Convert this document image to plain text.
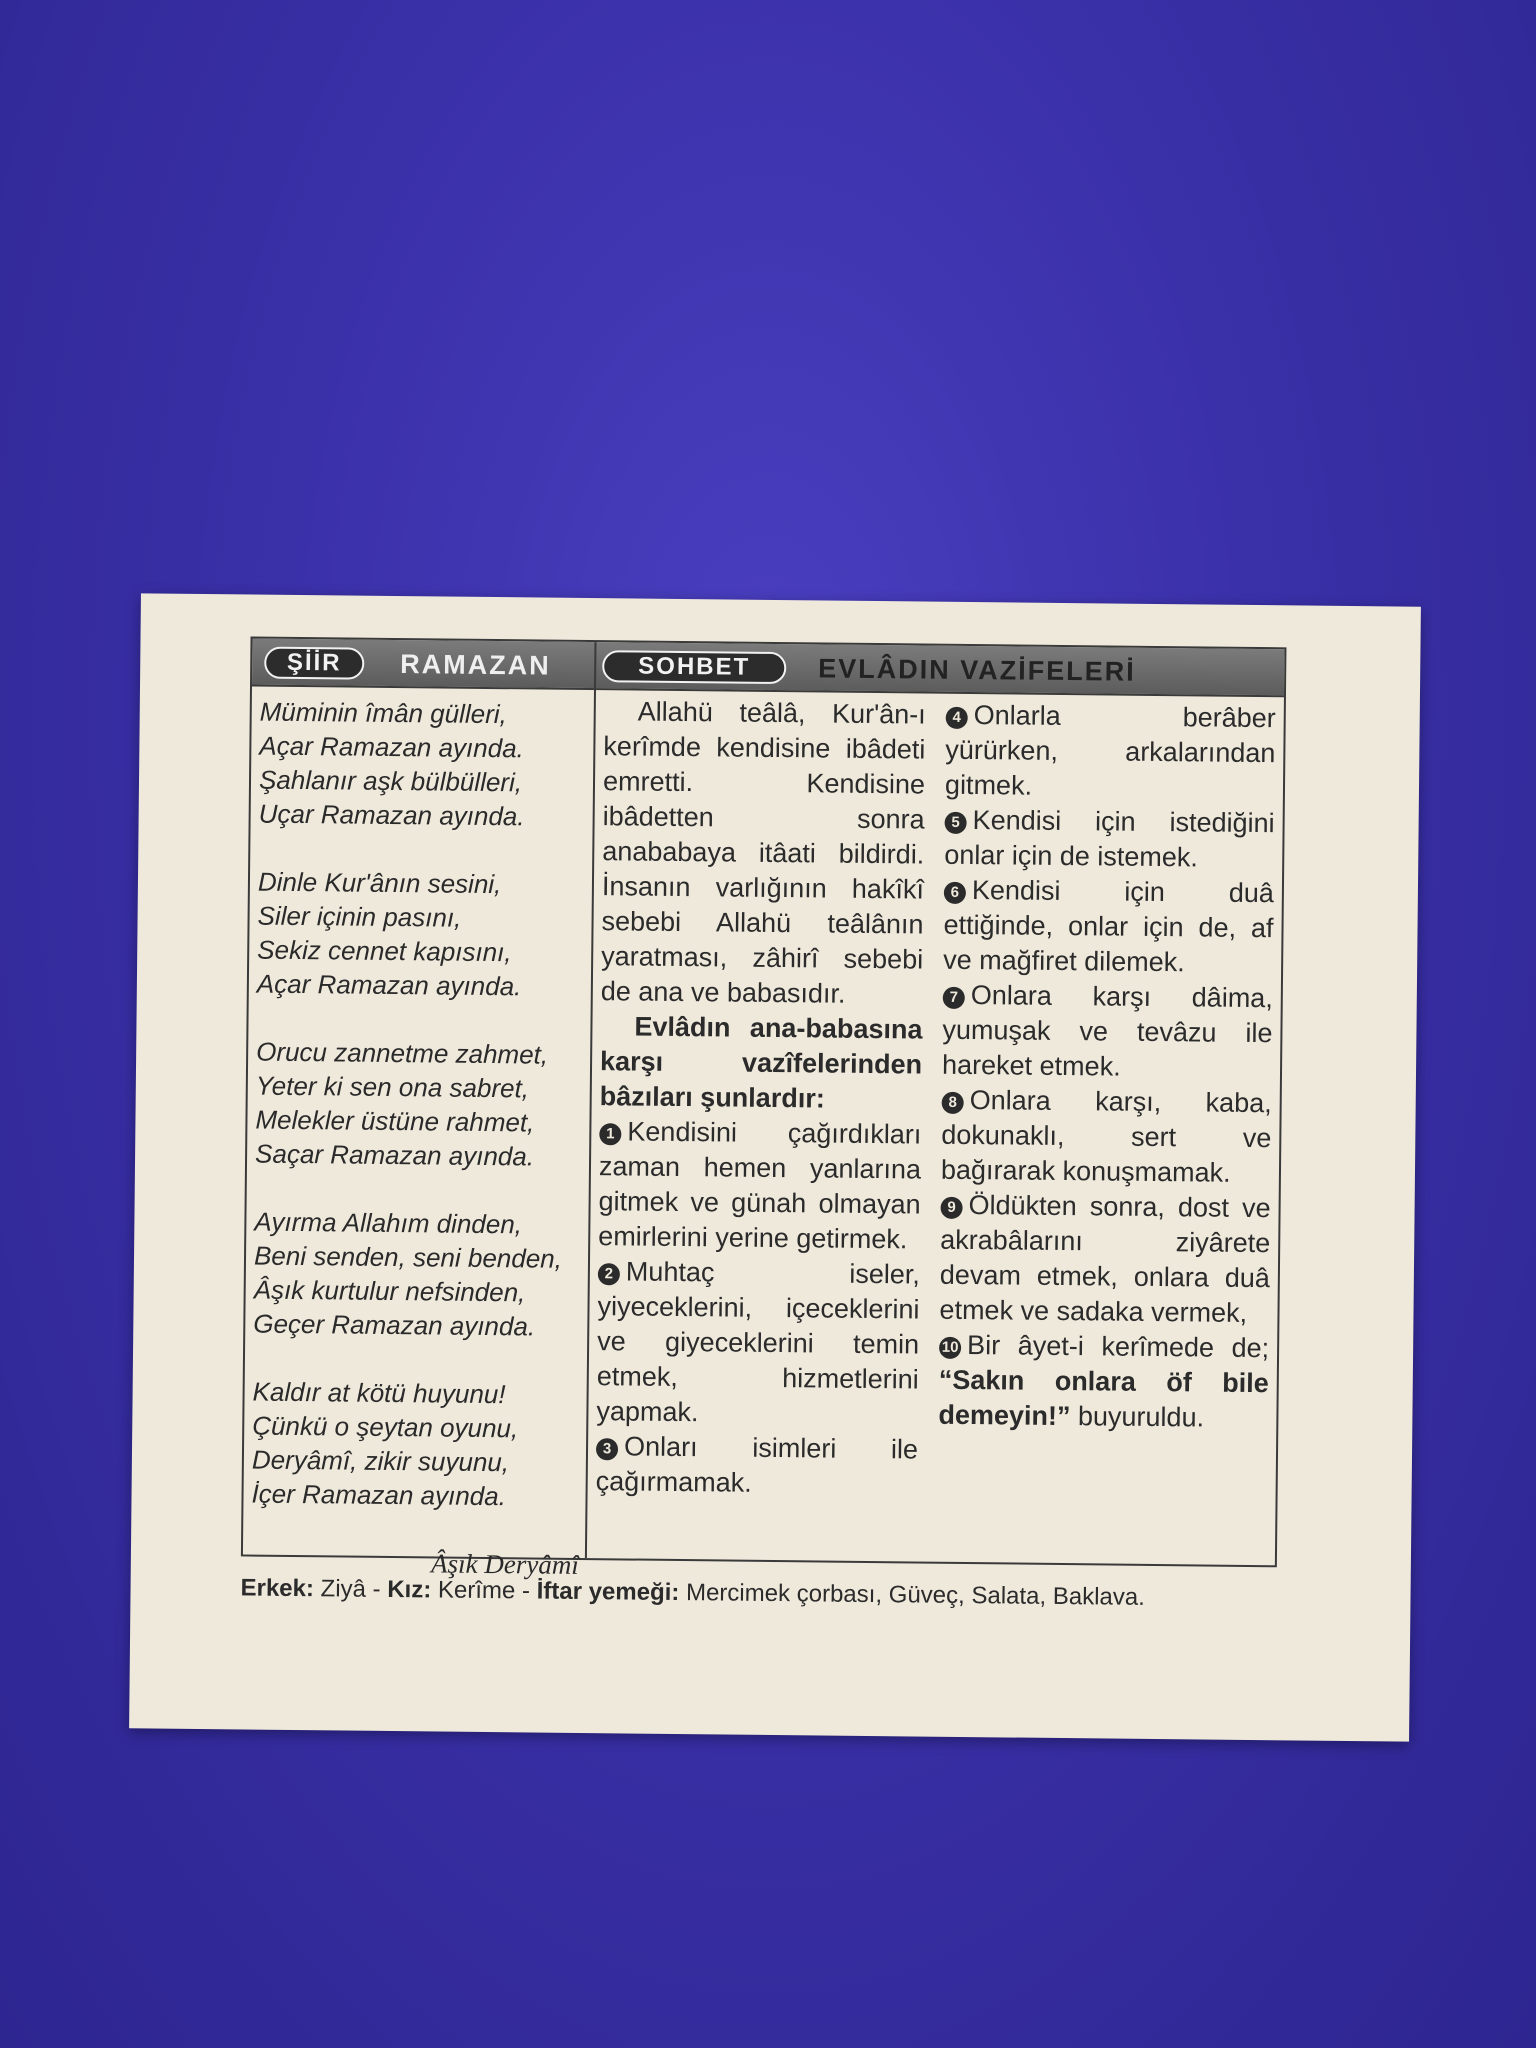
ŞİİR	RAMAZAN	SOHBET	EVLÂDIN VAZİFELERİ
Müminin îmân gülleri,
Açar Ramazan ayında.
Şahlanır aşk bülbülleri,
Uçar Ramazan ayında.
Dinle Kur'ânın sesini,
Siler içinin pasını,
Sekiz cennet kapısını,
Açar Ramazan ayında.
Orucu zannetme zahmet,
Yeter ki sen ona sabret,
Melekler üstüne rahmet,
Saçar Ramazan ayında.
Ayırma Allahım dinden,
Beni senden, seni benden,
Âşık kurtulur nefsinden,
Geçer Ramazan ayında.
Kaldır at kötü huyunu!
Çünkü o şeytan oyunu,
Deryâmî, zikir suyunu,
İçer Ramazan ayında.
Âşık Deryâmî

Allahü teâlâ, Kur'ân-ı kerîmde kendisine ibâdeti emretti. Kendisine ibâdetten sonra anababaya itâati bildirdi. İnsanın varlığının hakîkî sebebi Allahü teâlânın yaratması, zâhirî sebebi de ana ve babasıdır.

Evlâdın ana-babasına karşı vazîfelerinden bâzıları şunlardır:

1 Kendisini çağırdıkları zaman hemen yanlarına gitmek ve günah olmayan emirlerini yerine getirmek.

2 Muhtaç iseler, yiyeceklerini, içeceklerini ve giyeceklerini temin etmek, hizmetlerini yapmak.

3 Onları isimleri ile çağırmamak.

4 Onlarla berâber yürürken, arkalarından gitmek.

5 Kendisi için istediğini onlar için de istemek.

6 Kendisi için duâ ettiğinde, onlar için de, af ve mağfiret dilemek.

7 Onlara karşı dâima, yumuşak ve tevâzu ile hareket etmek.

8 Onlara karşı, kaba, dokunaklı, sert ve bağırarak konuşmamak.

9 Öldükten sonra, dost ve akrabâlarını ziyârete devam etmek, onlara duâ etmek ve sadaka vermek,

10 Bir âyet-i kerîmede de; “Sakın onlara öf bile demeyin!” buyuruldu.

Erkek: Ziyâ - Kız: Kerîme - İftar yemeği: Mercimek çorbası, Güveç, Salata, Baklava.
